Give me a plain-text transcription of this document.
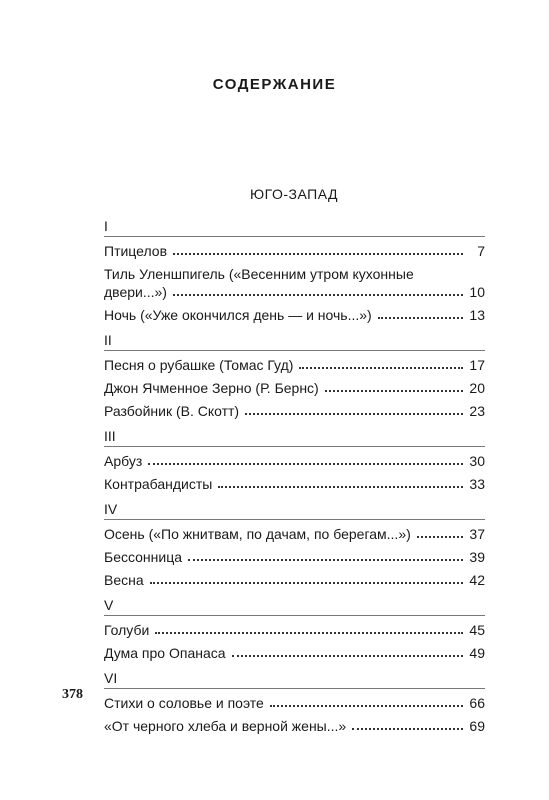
СОДЕРЖАНИЕ
ЮГО-ЗАПАД
I
Птицелов	7
Тиль Уленшпигель («Весенним утром кухонные
двери...»)	10
Ночь («Уже окончился день — и ночь...»)	13
II
Песня о рубашке (Томас Гуд)	17
Джон Ячменное Зерно (Р. Бернс)	20
Разбойник (В. Скотт)	23
III
Арбуз	30
Контрабандисты	33
IV
Осень («По жнитвам, по дачам, по берегам...»)	37
Бессонница	39
Весна	42
V
Голуби	45
Дума про Опанаса	49
VI
Стихи о соловье и поэте	66
«От черного хлеба и верной жены...»	69
378
